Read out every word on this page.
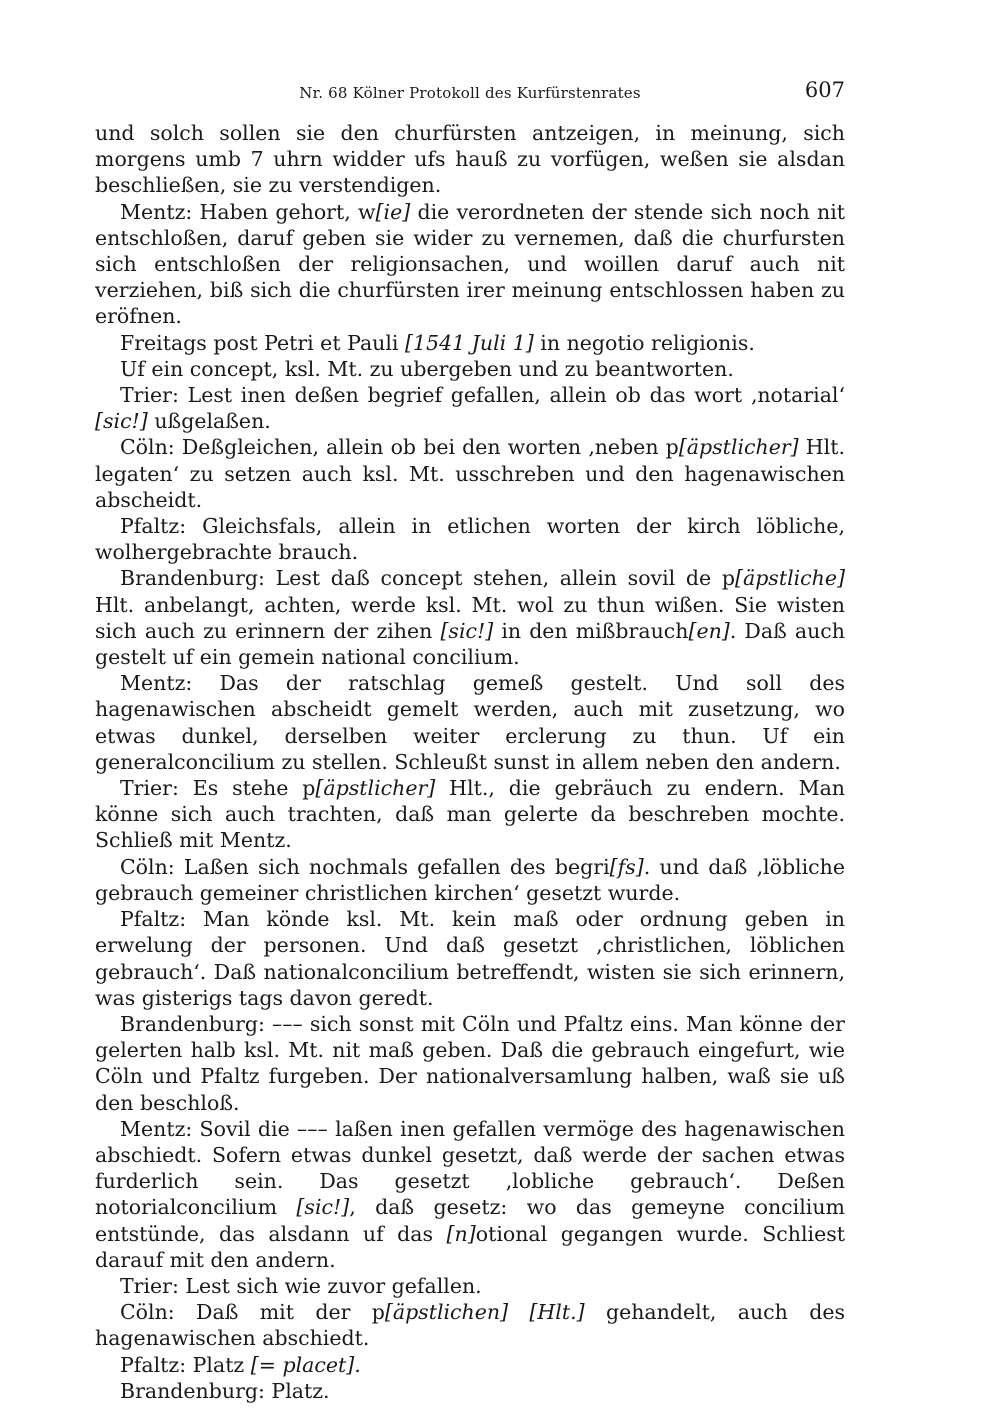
Nr. 68 Kölner Protokoll des Kurfürstenrates	607

und solch sollen sie den churfürsten antzeigen, in meinung, sich morgens umb 7 uhrn widder ufs hauß zu vorfügen, weßen sie alsdan beschließen, sie zu verstendigen.

Mentz: Haben gehort, w[ie] die verordneten der stende sich noch nit entschloßen, daruf geben sie wider zu vernemen, daß die churfursten sich entschloßen der religionsachen, und woillen daruf auch nit verziehen, biß sich die churfürsten irer meinung entschlossen haben zu eröfnen.

Freitags post Petri et Pauli [1541 Juli 1] in negotio religionis.

Uf ein concept, ksl. Mt. zu ubergeben und zu beantworten.

Trier: Lest inen deßen begrief gefallen, allein ob das wort ‚notarial‘ [sic!] ußgelaßen.

Cöln: Deßgleichen, allein ob bei den worten ‚neben p[äpstlicher] Hlt. legaten‘ zu setzen auch ksl. Mt. usschreben und den hagenawischen abscheidt.

Pfaltz: Gleichsfals, allein in etlichen worten der kirch löbliche, wolhergebrachte brauch.

Brandenburg: Lest daß concept stehen, allein sovil de p[äpstliche] Hlt. anbelangt, achten, werde ksl. Mt. wol zu thun wißen. Sie wisten sich auch zu erinnern der zihen [sic!] in den mißbrauch[en]. Daß auch gestelt uf ein gemein national concilium.

Mentz: Das der ratschlag gemeß gestelt. Und soll des hagenawischen abscheidt gemelt werden, auch mit zusetzung, wo etwas dunkel, derselben weiter erclerung zu thun. Uf ein generalconcilium zu stellen. Schleußt sunst in allem neben den andern.

Trier: Es stehe p[äpstlicher] Hlt., die gebräuch zu endern. Man könne sich auch trachten, daß man gelerte da beschreben mochte. Schließ mit Mentz.

Cöln: Laßen sich nochmals gefallen des begri[fs]. und daß ‚löbliche gebrauch gemeiner christlichen kirchen‘ gesetzt wurde.

Pfaltz: Man könde ksl. Mt. kein maß oder ordnung geben in erwelung der personen. Und daß gesetzt ‚christlichen, löblichen gebrauch‘. Daß nationalconcilium betreffendt, wisten sie sich erinnern, was gisterigs tags davon geredt.

Brandenburg: ––– sich sonst mit Cöln und Pfaltz eins. Man könne der gelerten halb ksl. Mt. nit maß geben. Daß die gebrauch eingefurt, wie Cöln und Pfaltz furgeben. Der nationalversamlung halben, waß sie uß den beschloß.

Mentz: Sovil die ––– laßen inen gefallen vermöge des hagenawischen abschiedt. Sofern etwas dunkel gesetzt, daß werde der sachen etwas furderlich sein. Das gesetzt ‚lobliche gebrauch‘. Deßen notorialconcilium [sic!], daß gesetz: wo das gemeyne concilium entstünde, das alsdann uf das [n]otional gegangen wurde. Schliest darauf mit den andern.

Trier: Lest sich wie zuvor gefallen.

Cöln: Daß mit der p[äpstlichen] [Hlt.] gehandelt, auch des hagenawischen abschiedt.

Pfaltz: Platz [= placet].

Brandenburg: Platz.
